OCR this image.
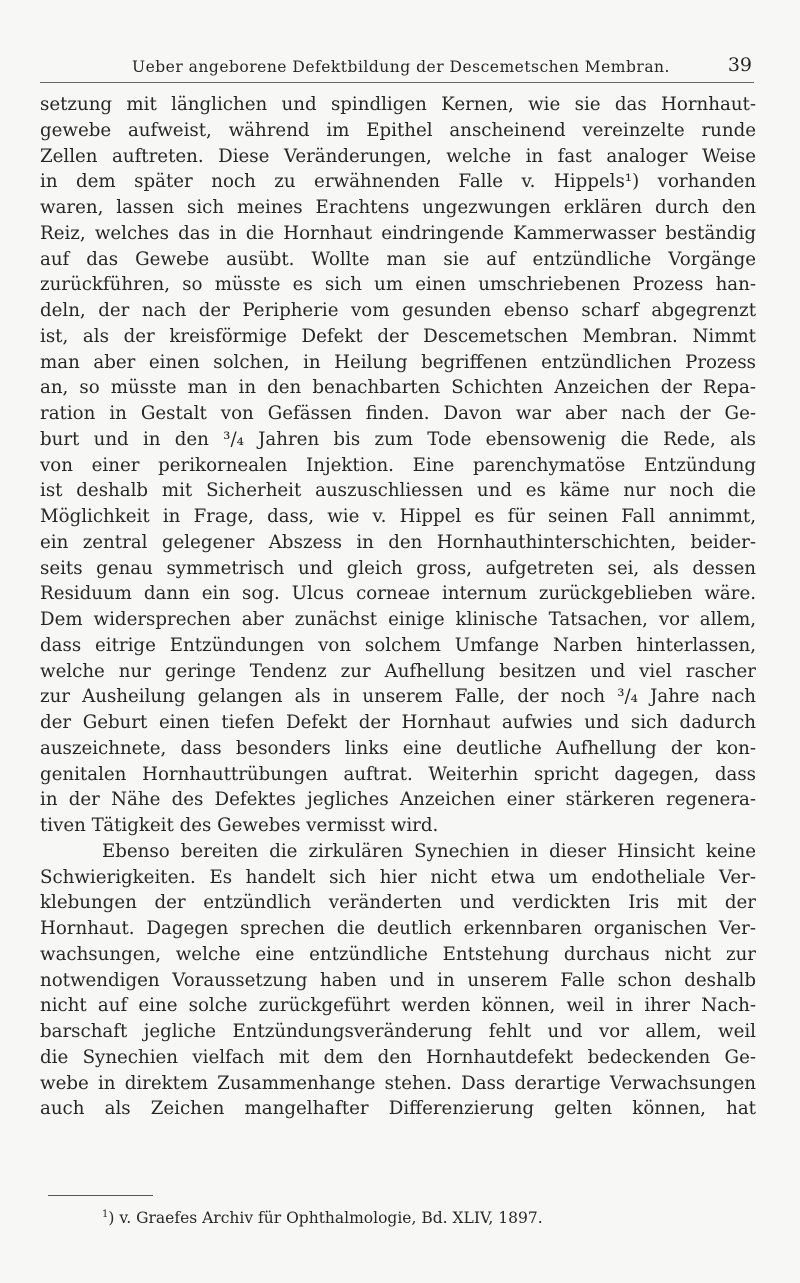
Ueber angeborene Defektbildung der Descemetschen Membran.	39
setzung mit länglichen und spindligen Kernen, wie sie das Hornhaut-
gewebe aufweist, während im Epithel anscheinend vereinzelte runde
Zellen auftreten. Diese Veränderungen, welche in fast analoger Weise
in dem später noch zu erwähnenden Falle v. Hippels¹) vorhanden
waren, lassen sich meines Erachtens ungezwungen erklären durch den
Reiz, welches das in die Hornhaut eindringende Kammerwasser beständig
auf das Gewebe ausübt. Wollte man sie auf entzündliche Vorgänge
zurückführen, so müsste es sich um einen umschriebenen Prozess han-
deln, der nach der Peripherie vom gesunden ebenso scharf abgegrenzt
ist, als der kreisförmige Defekt der Descemetschen Membran. Nimmt
man aber einen solchen, in Heilung begriffenen entzündlichen Prozess
an, so müsste man in den benachbarten Schichten Anzeichen der Repa-
ration in Gestalt von Gefässen finden. Davon war aber nach der Ge-
burt und in den ³/₄ Jahren bis zum Tode ebensowenig die Rede, als
von einer perikornealen Injektion. Eine parenchymatöse Entzündung
ist deshalb mit Sicherheit auszuschliessen und es käme nur noch die
Möglichkeit in Frage, dass, wie v. Hippel es für seinen Fall annimmt,
ein zentral gelegener Abszess in den Hornhauthinterschichten, beider-
seits genau symmetrisch und gleich gross, aufgetreten sei, als dessen
Residuum dann ein sog. Ulcus corneae internum zurückgeblieben wäre.
Dem widersprechen aber zunächst einige klinische Tatsachen, vor allem,
dass eitrige Entzündungen von solchem Umfange Narben hinterlassen,
welche nur geringe Tendenz zur Aufhellung besitzen und viel rascher
zur Ausheilung gelangen als in unserem Falle, der noch ³/₄ Jahre nach
der Geburt einen tiefen Defekt der Hornhaut aufwies und sich dadurch
auszeichnete, dass besonders links eine deutliche Aufhellung der kon-
genitalen Hornhauttrübungen auftrat. Weiterhin spricht dagegen, dass
in der Nähe des Defektes jegliches Anzeichen einer stärkeren regenera-
tiven Tätigkeit des Gewebes vermisst wird.
Ebenso bereiten die zirkulären Synechien in dieser Hinsicht keine
Schwierigkeiten. Es handelt sich hier nicht etwa um endotheliale Ver-
klebungen der entzündlich veränderten und verdickten Iris mit der
Hornhaut. Dagegen sprechen die deutlich erkennbaren organischen Ver-
wachsungen, welche eine entzündliche Entstehung durchaus nicht zur
notwendigen Voraussetzung haben und in unserem Falle schon deshalb
nicht auf eine solche zurückgeführt werden können, weil in ihrer Nach-
barschaft jegliche Entzündungsveränderung fehlt und vor allem, weil
die Synechien vielfach mit dem den Hornhautdefekt bedeckenden Ge-
webe in direktem Zusammenhange stehen. Dass derartige Verwachsungen
auch als Zeichen mangelhafter Differenzierung gelten können, hat
$^1$) v. Graefes Archiv für Ophthalmologie, Bd. XLIV, 1897.
